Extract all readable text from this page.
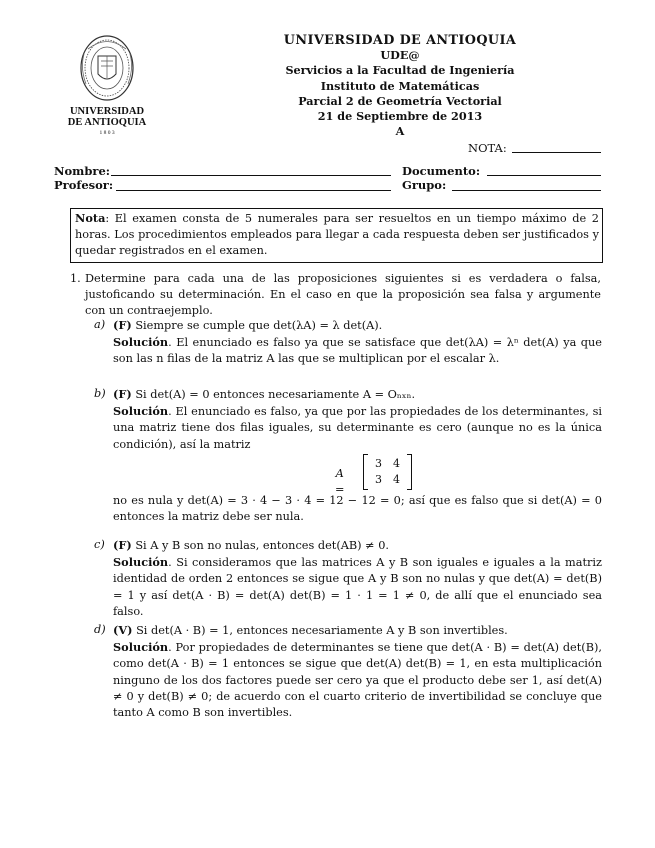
UNIVERSIDAD
DE ANTIOQUIA
1 8 0 3
UNIVERSIDAD DE ANTIOQUIA
UDE@
Servicios a la Facultad de Ingeniería
Instituto de Matemáticas
Parcial 2 de Geometría Vectorial
21 de Septiembre de 2013
A
NOTA:
Nombre:	Documento:
Profesor:	Grupo:
Nota: El examen consta de 5 numerales para ser resueltos en un tiempo máximo de 2 horas. Los procedimientos empleados para llegar a cada respuesta deben ser justificados y quedar registrados en el examen.
1. Determine para cada una de las proposiciones siguientes si es verdadera o falsa, justoficando su determinación. En el caso en que la proposición sea falsa y argumente con un contraejemplo.
a) (F) Siempre se cumple que det(λA) = λ det(A).
Solución. El enunciado es falso ya que se satisface que det(λA) = λⁿ det(A) ya que son las n filas de la matriz A las que se multiplican por el escalar λ.
b) (F) Si det(A) = 0 entonces necesariamente A = Oₙₓₙ.
Solución. El enunciado es falso, ya que por las propiedades de los determinantes, si una matriz tiene dos filas iguales, su determinante es cero (aunque no es la única condición), así la matriz
A =
3 4
3 4
no es nula y det(A) = 3 · 4 − 3 · 4 = 12 − 12 = 0; así que es falso que si det(A) = 0 entonces la matriz debe ser nula.
c) (F) Si A y B son no nulas, entonces det(AB) ≠ 0.
Solución. Si consideramos que las matrices A y B son iguales e iguales a la matriz identidad de orden 2 entonces se sigue que A y B son no nulas y que det(A) = det(B) = 1 y así det(A · B) = det(A) det(B) = 1 · 1 = 1 ≠ 0, de allí que el enunciado sea falso.
d) (V) Si det(A · B) = 1, entonces necesariamente A y B son invertibles.
Solución. Por propiedades de determinantes se tiene que det(A · B) = det(A) det(B), como det(A · B) = 1 entonces se sigue que det(A) det(B) = 1, en esta multiplicación ninguno de los dos factores puede ser cero ya que el producto debe ser 1, así det(A) ≠ 0 y det(B) ≠ 0; de acuerdo con el cuarto criterio de invertibilidad se concluye que tanto A como B son invertibles.
